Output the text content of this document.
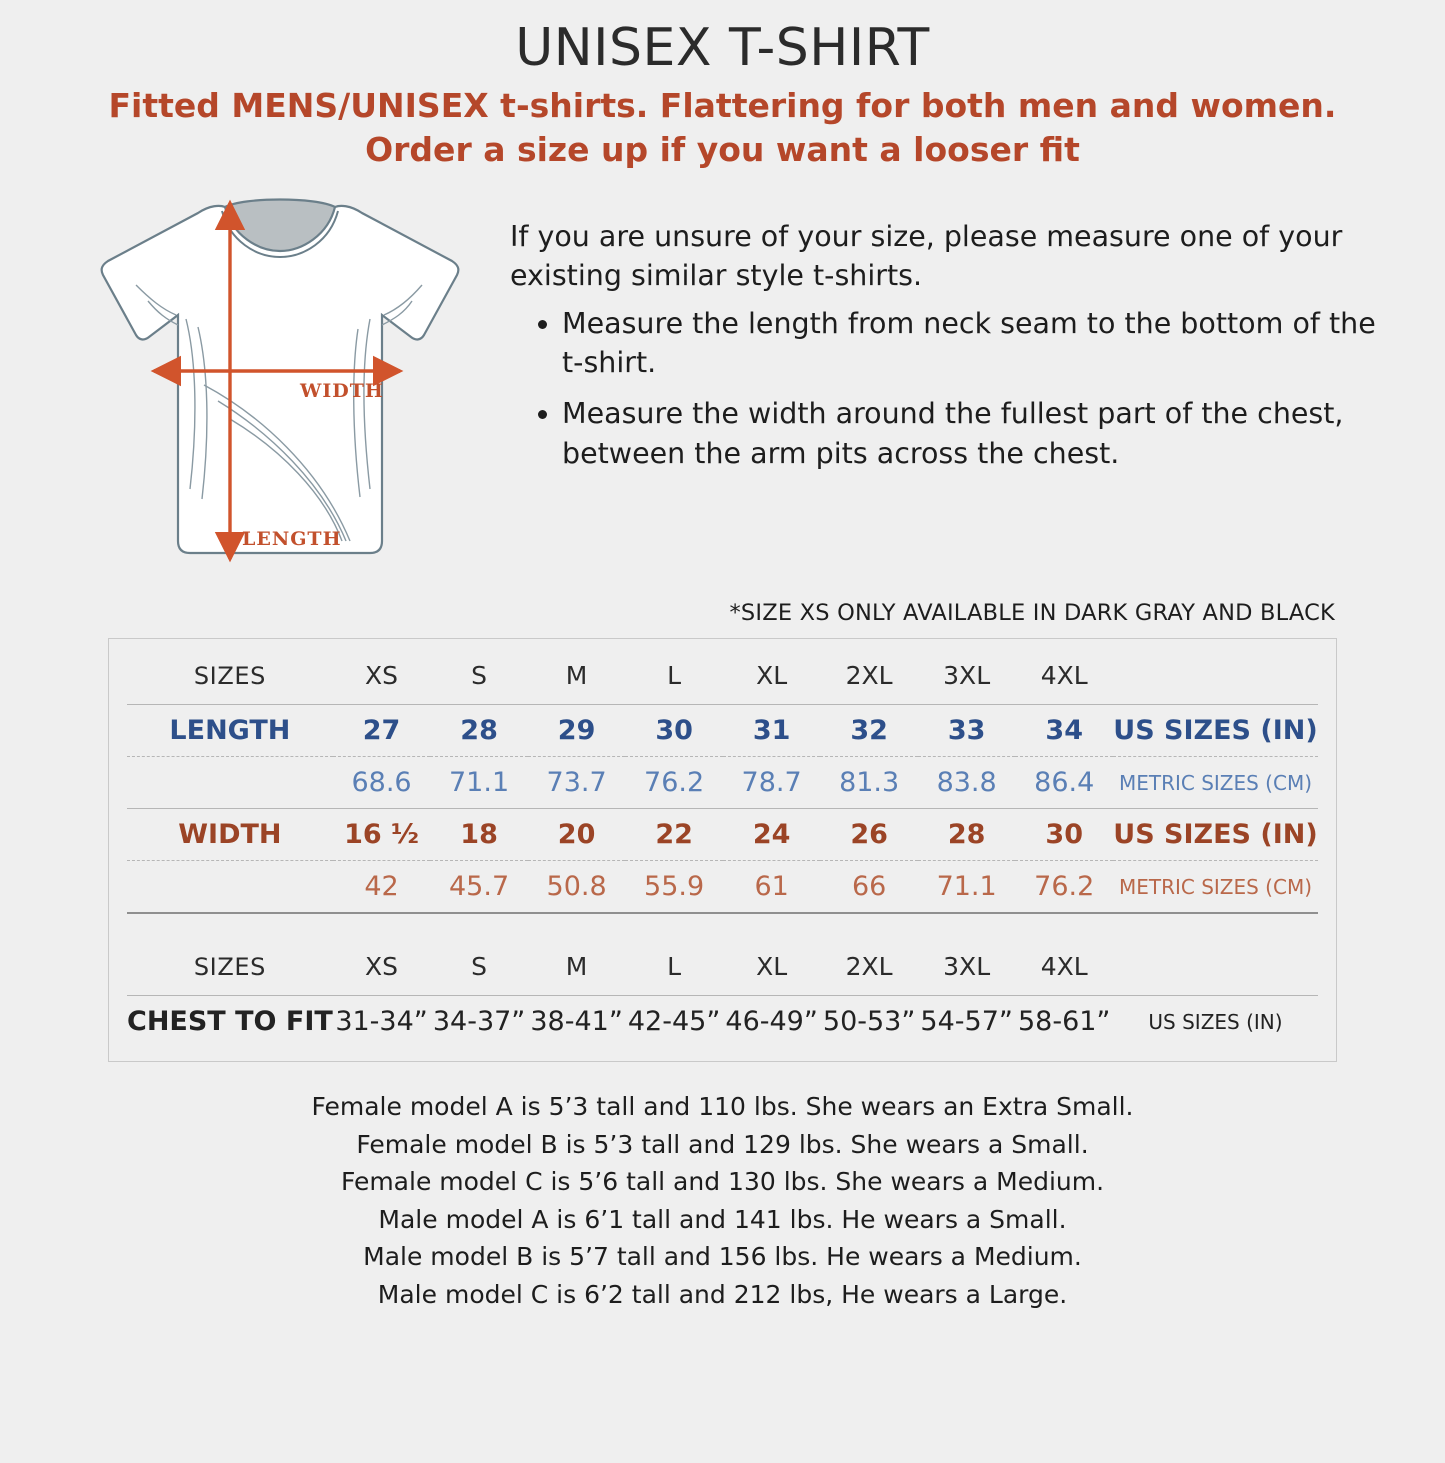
UNISEX T-SHIRT
Fitted MENS/UNISEX t-shirts. Flattering for both men and women.
Order a size up if you want a looser fit
WIDTH
LENGTH

If you are unsure of your size, please measure one of your existing similar style t-shirts.

• Measure the length from neck seam to the bottom of the t-shirt.
• Measure the width around the fullest part of the chest, between the arm pits across the chest.
*SIZE XS ONLY AVAILABLE IN DARK GRAY AND BLACK
SIZES	XS	S	M	L	XL	2XL	3XL	4XL	
LENGTH	27	28	29	30	31	32	33	34	US SIZES (IN)
	68.6	71.1	73.7	76.2	78.7	81.3	83.8	86.4	METRIC SIZES (CM)
WIDTH	16 ½	18	20	22	24	26	28	30	US SIZES (IN)
	42	45.7	50.8	55.9	61	66	71.1	76.2	METRIC SIZES (CM)

SIZES	XS	S	M	L	XL	2XL	3XL	4XL	
CHEST TO FIT	31-34”	34-37”	38-41”	42-45”	46-49”	50-53”	54-57”	58-61”	US SIZES (IN)
Female model A is 5’3 tall and 110 lbs. She wears an Extra Small.
Female model B is 5’3 tall and 129 lbs. She wears a Small.
Female model C is 5’6 tall and 130 lbs. She wears a Medium.
Male model A is 6’1 tall and 141 lbs. He wears a Small.
Male model B is 5’7 tall and 156 lbs. He wears a Medium.
Male model C is 6’2 tall and 212 lbs, He wears a Large.
